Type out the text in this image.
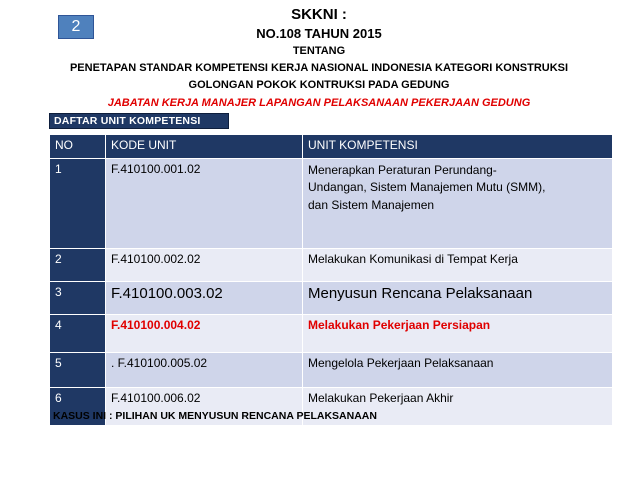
2
SKKNI :
NO.108 TAHUN 2015
TENTANG
PENETAPAN STANDAR KOMPETENSI KERJA NASIONAL INDONESIA KATEGORI KONSTRUKSI
GOLONGAN POKOK KONTRUKSI PADA GEDUNG
JABATAN KERJA MANAJER LAPANGAN PELAKSANAAN PEKERJAAN GEDUNG
DAFTAR UNIT KOMPETENSI
NO	KODE UNIT	UNIT KOMPETENSI
1	F.410100.001.02	Menerapkan Peraturan Perundang-
Undangan, Sistem Manajemen Mutu (SMM),
dan Sistem Manajemen
2	F.410100.002.02	Melakukan Komunikasi di Tempat Kerja
3	F.410100.003.02	Menyusun Rencana Pelaksanaan
4	F.410100.004.02	Melakukan Pekerjaan Persiapan
5	. F.410100.005.02	Mengelola Pekerjaan Pelaksanaan
6	F.410100.006.02	Melakukan Pekerjaan Akhir
KASUS INI : PILIHAN UK MENYUSUN RENCANA PELAKSANAAN
